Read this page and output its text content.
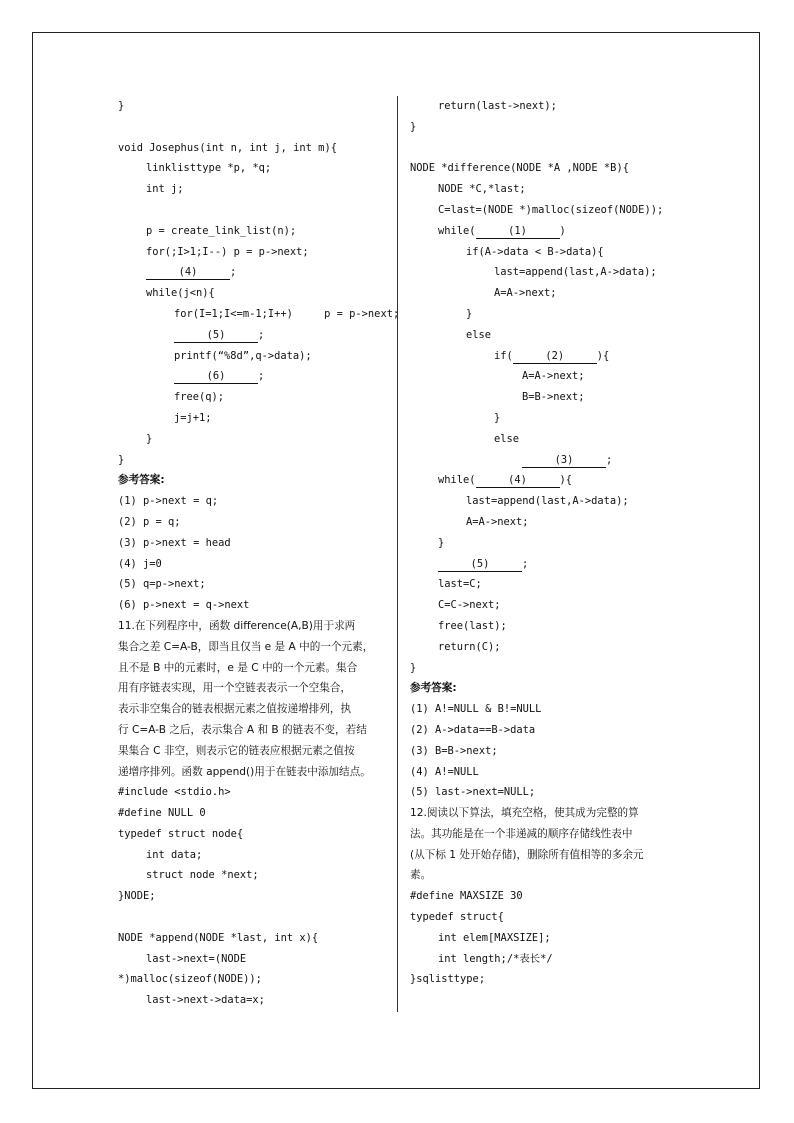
}
void Josephus(int n, int j, int m){
linklisttype *p, *q;
int j;
p = create_link_list(n);
for(;I>1;I--) p = p->next;
(4)	;
while(j<n){
for(I=1;I<=m-1;I++)     p = p->next;
(5)	;
printf(“%8d”,q->data);
(6)	;
free(q);
j=j+1;
}
}
参考答案:
(1) p->next = q;
(2) p = q;
(3) p->next = head
(4) j=0
(5) q=p->next;
(6) p->next = q->next
11.在下列程序中，函数 difference(A,B)用于求两
集合之差 C=A-B，即当且仅当 e 是 A 中的一个元素，
且不是 B 中的元素时，e 是 C 中的一个元素。集合
用有序链表实现，用一个空链表表示一个空集合，
表示非空集合的链表根据元素之值按递增排列，执
行 C=A-B 之后，表示集合 A 和 B 的链表不变，若结
果集合 C 非空，则表示它的链表应根据元素之值按
递增序排列。函数 append()用于在链表中添加结点。
#include <stdio.h>
#define NULL 0
typedef struct node{
int data;
struct node *next;
}NODE;
NODE *append(NODE *last, int x){
last->next=(NODE
*)malloc(sizeof(NODE));
last->next->data=x;
return(last->next);
}
NODE *difference(NODE *A ,NODE *B){
NODE *C,*last;
C=last=(NODE *)malloc(sizeof(NODE));
while(	(1)	)
if(A->data < B->data){
last=append(last,A->data);
A=A->next;
}
else
if(	(2)	){
A=A->next;
B=B->next;
}
else
(3)	;
while(	(4)	){
last=append(last,A->data);
A=A->next;
}
(5)	;
last=C;
C=C->next;
free(last);
return(C);
}
参考答案:
(1) A!=NULL & B!=NULL
(2) A->data==B->data
(3) B=B->next;
(4) A!=NULL
(5) last->next=NULL;
12.阅读以下算法，填充空格，使其成为完整的算
法。其功能是在一个非递减的顺序存储线性表中
(从下标 1 处开始存储)，删除所有值相等的多余元
素。
#define MAXSIZE 30
typedef struct{
int elem[MAXSIZE];
int length;/*表长*/
}sqlisttype;
